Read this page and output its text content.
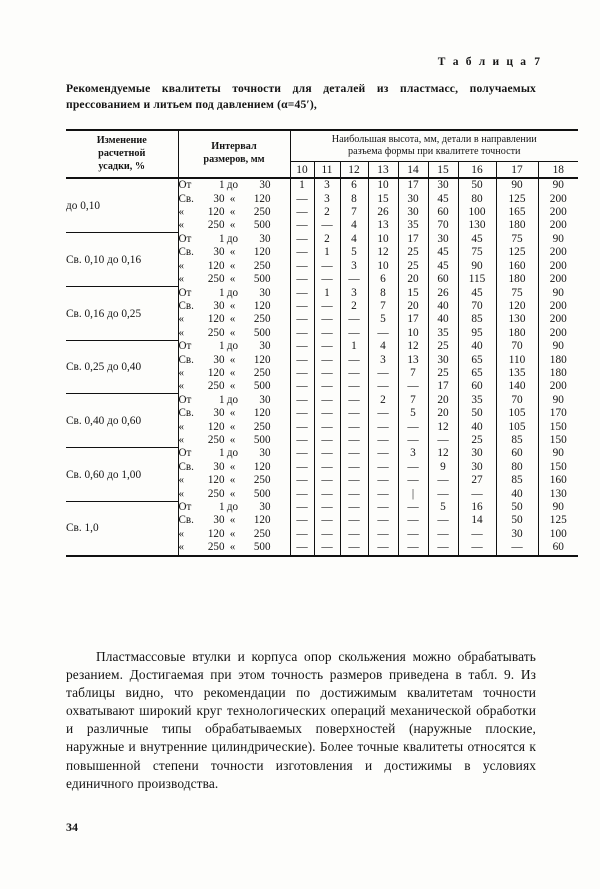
Т а б л и ц а 7
Рекомендуемые квалитеты точности для деталей из пластмасс, получаемых прессованием и литьем под давлением (α=45′),
Изменение
расчетной
усадки, %

Интервал
размеров, мм

Наибольшая высота, мм, детали в направлении
разъема формы при квалитете точности

		10	11	12	13	14	15	16	17	18

до 0,10	От 1 до 30	1	3	6	10	17	30	50	90	90

	Св. 30 « 120	—	3	8	15	30	45	80	125	200

	« 120 « 250	—	2	7	26	30	60	100	165	200

	« 250 « 500	—	—	4	13	35	70	130	180	200

Св. 0,10 до 0,16	От 1 до 30	—	2	4	10	17	30	45	75	90

	Св. 30 « 120	—	1	5	12	25	45	75	125	200

	« 120 « 250	—	—	3	10	25	45	90	160	200

	« 250 « 500	—	—	—	6	20	60	115	180	200

Св. 0,16 до 0,25	От 1 до 30	—	1	3	8	15	26	45	75	90

	Св. 30 « 120	—	—	2	7	20	40	70	120	200

	« 120 « 250	—	—	—	5	17	40	85	130	200

	« 250 « 500	—	—	—	—	10	35	95	180	200

Св. 0,25 до 0,40	От 1 до 30	—	—	1	4	12	25	40	70	90

	Св. 30 « 120	—	—	—	3	13	30	65	110	180

	« 120 « 250	—	—	—	—	7	25	65	135	180

	« 250 « 500	—	—	—	—	—	17	60	140	200

Св. 0,40 до 0,60	От 1 до 30	—	—	—	2	7	20	35	70	90

	Св. 30 « 120	—	—	—	—	5	20	50	105	170

	« 120 « 250	—	—	—	—	—	12	40	105	150

	« 250 « 500	—	—	—	—	—	—	25	85	150

Св. 0,60 до 1,00	От 1 до 30	—	—	—	—	3	12	30	60	90

	Св. 30 « 120	—	—	—	—	—	9	30	80	150

	« 120 « 250	—	—	—	—	—	—	27	85	160

	« 250 « 500	—	—	—	—	|	—	—	40	130

Св. 1,0	От 1 до 30	—	—	—	—	—	5	16	50	90

	Св. 30 « 120	—	—	—	—	—	—	14	50	125

	« 120 « 250	—	—	—	—	—	—	—	30	100

	« 250 « 500	—	—	—	—	—	—	—	—	60
Пластмассовые втулки и корпуса опор скольжения можно обрабатывать резанием. Достигаемая при этом точность размеров приведена в табл. 9. Из таблицы видно, что рекомендации по достижимым квалитетам точности охватывают широкий круг технологических операций механической обработки и различные типы обрабатываемых поверхностей (наружные плоские, наружные и внутренние цилиндрические). Более точные квалитеты относятся к повышенной степени точности изготовления и достижимы в условиях единичного производства.
34
